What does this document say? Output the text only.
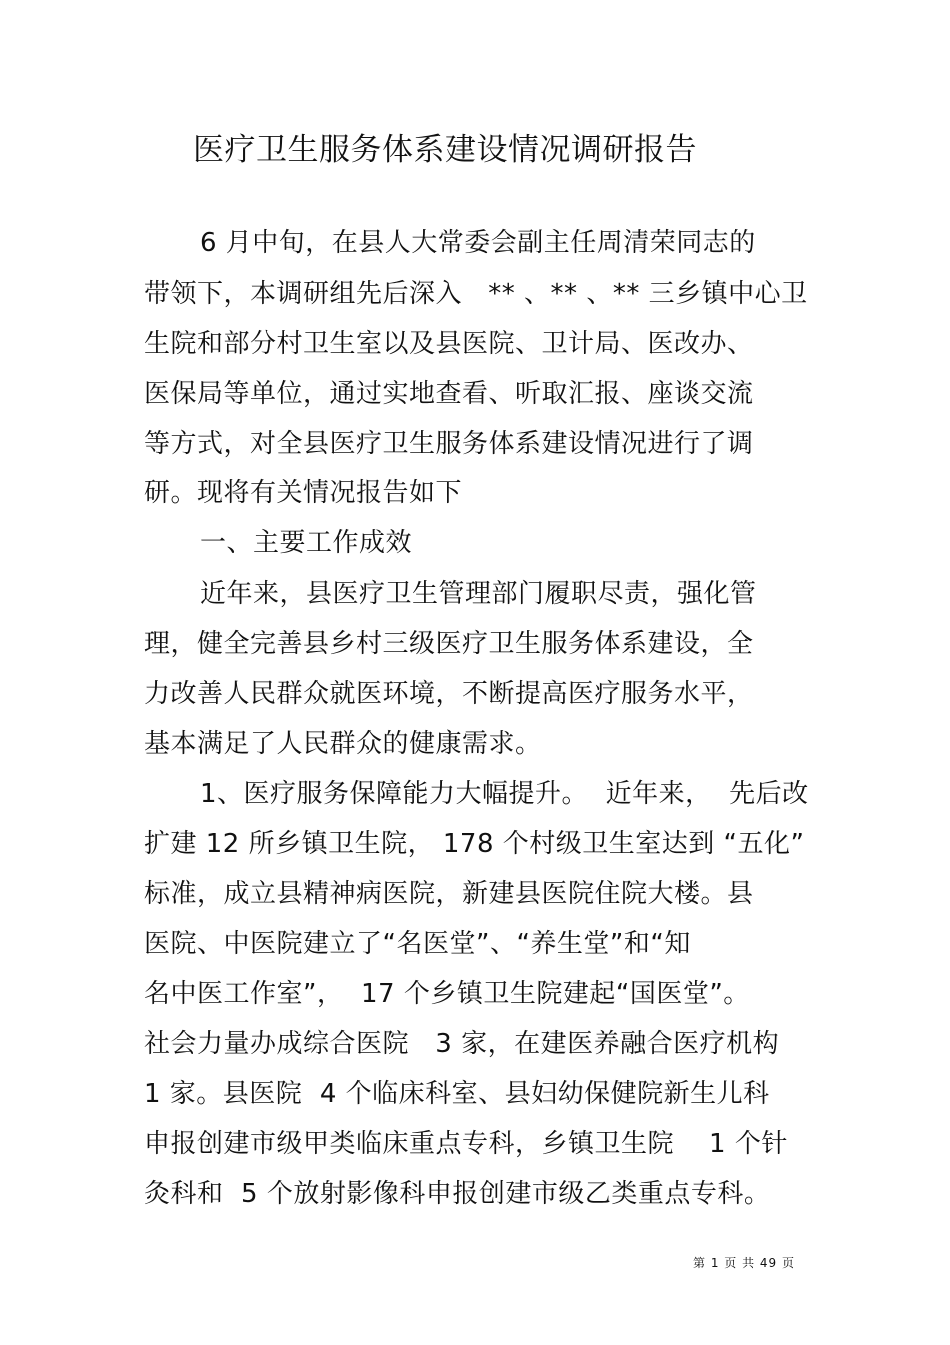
医疗卫生服务体系建设情况调研报告
6 月中旬，在县人大常委会副主任周清荣同志的
带领下，本调研组先后深入   ** 、** 、** 三乡镇中心卫
生院和部分村卫生室以及县医院、卫计局、医改办、
医保局等单位，通过实地查看、听取汇报、座谈交流
等方式，对全县医疗卫生服务体系建设情况进行了调
研。现将有关情况报告如下
一、主要工作成效
近年来，县医疗卫生管理部门履职尽责，强化管
理，健全完善县乡村三级医疗卫生服务体系建设，全
力改善人民群众就医环境，不断提高医疗服务水平，
基本满足了人民群众的健康需求。
1、医疗服务保障能力大幅提升。  近年来，  先后改
扩建 12 所乡镇卫生院， 178 个村级卫生室达到 “五化”
标准，成立县精神病医院，新建县医院住院大楼。县
医院、中医院建立了“名医堂”、“养生堂”和“知
名中医工作室”，  17 个乡镇卫生院建起“国医堂”。
社会力量办成综合医院   3 家，在建医养融合医疗机构
1 家。县医院  4 个临床科室、县妇幼保健院新生儿科
申报创建市级甲类临床重点专科，乡镇卫生院    1 个针
灸科和  5 个放射影像科申报创建市级乙类重点专科。
第 1 页 共 49 页
